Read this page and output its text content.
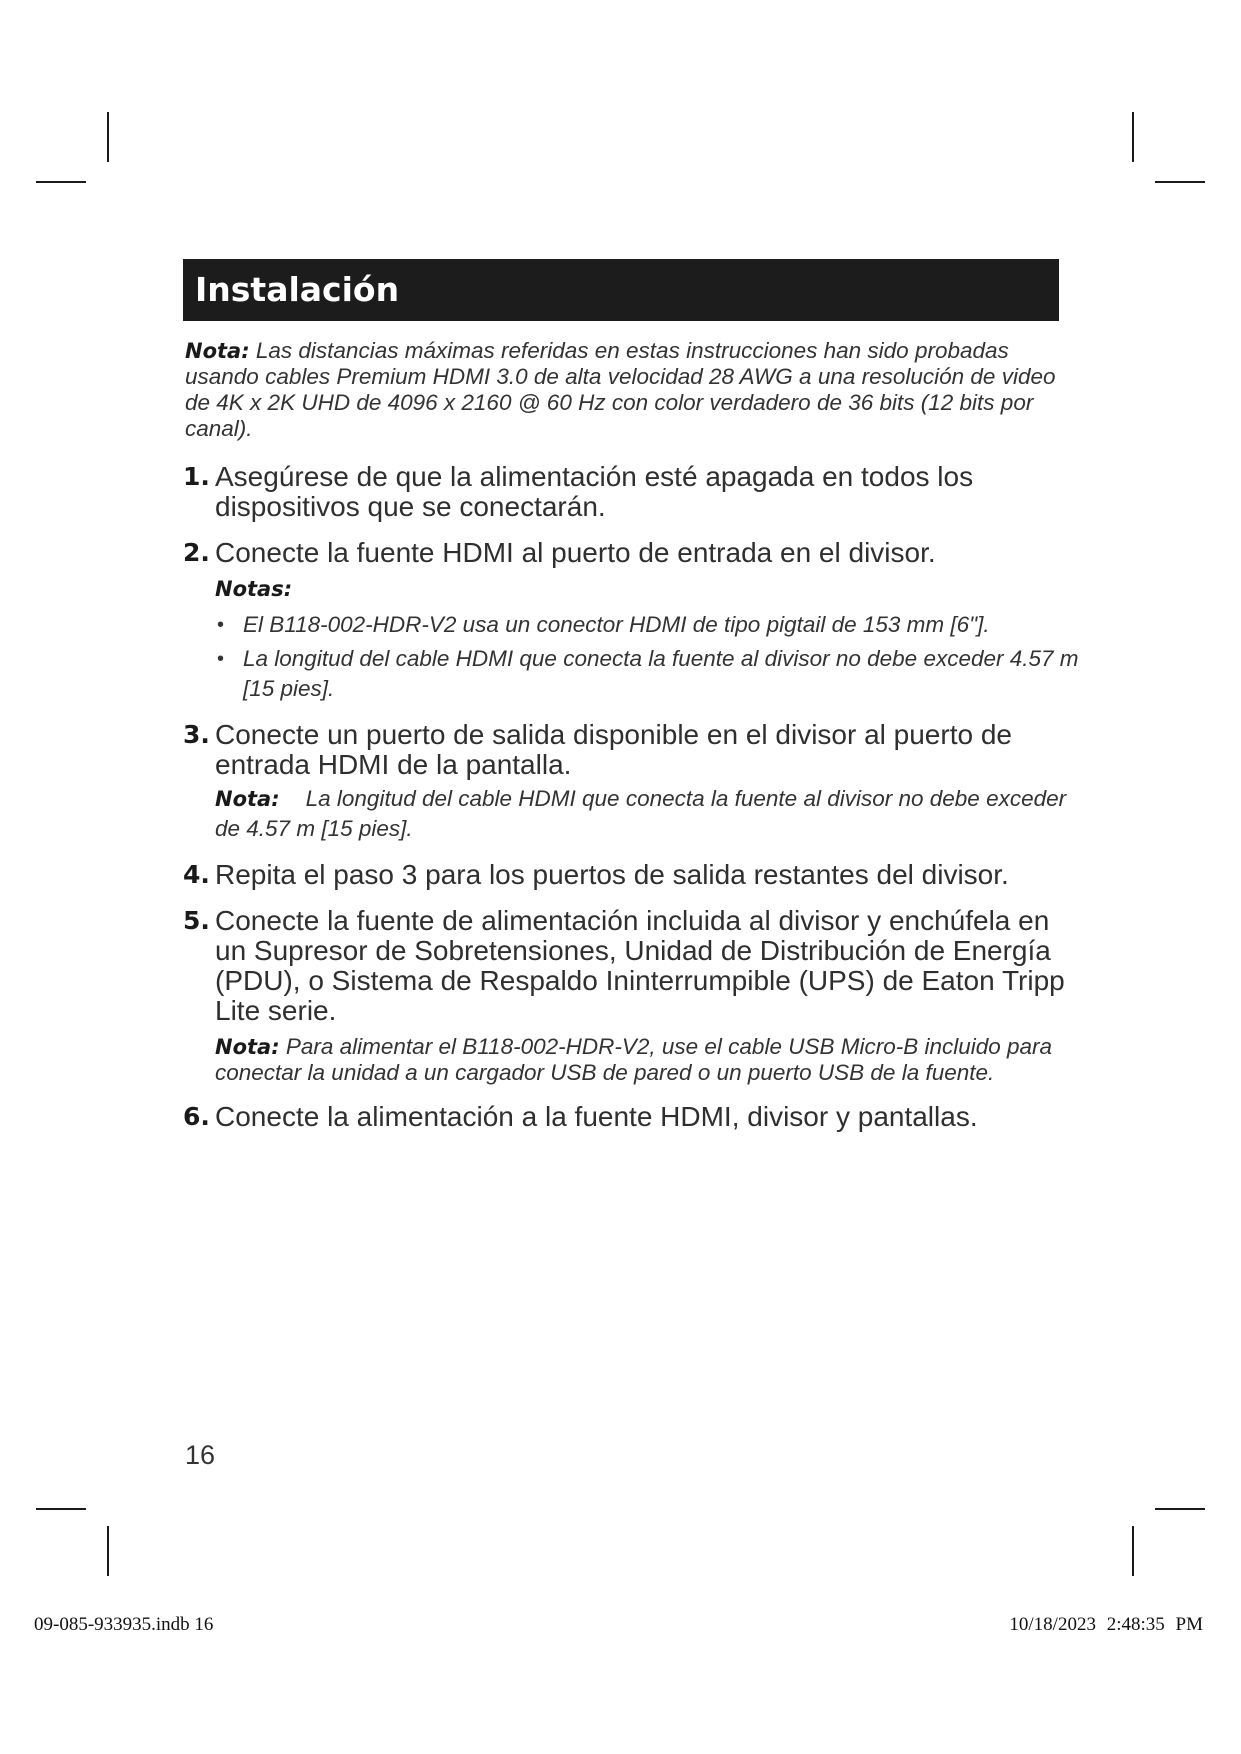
Instalación
Nota: Las distancias máximas referidas en estas instrucciones han sido probadas usando cables Premium HDMI 3.0 de alta velocidad 28 AWG a una resolución de video de 4K x 2K UHD de 4096 x 2160 @ 60 Hz con color verdadero de 36 bits (12 bits por canal).
1. Asegúrese de que la alimentación esté apagada en todos los dispositivos que se conectarán.
2. Conecte la fuente HDMI al puerto de entrada en el divisor.
Notas:
• El B118-002-HDR-V2 usa un conector HDMI de tipo pigtail de 153 mm [6"].
• La longitud del cable HDMI que conecta la fuente al divisor no debe exceder 4.57 m [15 pies].
3. Conecte un puerto de salida disponible en el divisor al puerto de entrada HDMI de la pantalla.
Nota: La longitud del cable HDMI que conecta la fuente al divisor no debe exceder de 4.57 m [15 pies].
4. Repita el paso 3 para los puertos de salida restantes del divisor.
5. Conecte la fuente de alimentación incluida al divisor y enchúfela en un Supresor de Sobretensiones, Unidad de Distribución de Energía (PDU), o Sistema de Respaldo Ininterrumpible (UPS) de Eaton Tripp Lite serie.
Nota: Para alimentar el B118-002-HDR-V2, use el cable USB Micro-B incluido para conectar la unidad a un cargador USB de pared o un puerto USB de la fuente.
6. Conecte la alimentación a la fuente HDMI, divisor y pantallas.
16
09-085-933935.indb 16	10/18/2023 2:48:35 PM
